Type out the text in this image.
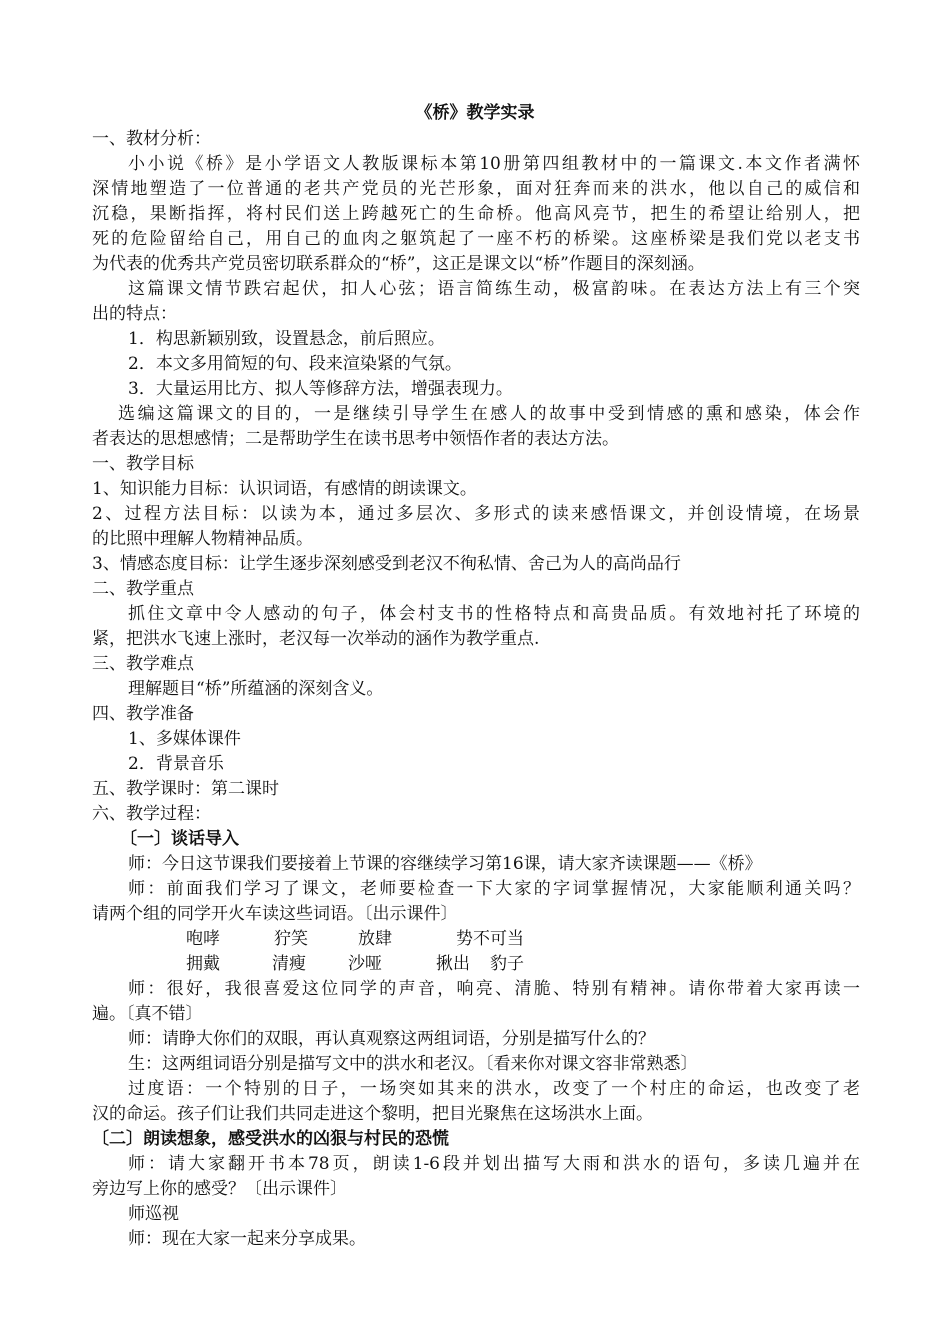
《桥》教学实录
一、教材分析：
小小说《桥》是小学语文人教版课标本第10册第四组教材中的一篇课文.本文作者满怀
深情地塑造了一位普通的老共产党员的光芒形象，面对狂奔而来的洪水，他以自己的威信和
沉稳，果断指挥，将村民们送上跨越死亡的生命桥。他高风亮节，把生的希望让给别人，把
死的危险留给自己，用自己的血肉之躯筑起了一座不朽的桥梁。这座桥梁是我们党以老支书
为代表的优秀共产党员密切联系群众的“桥”，这正是课文以“桥”作题目的深刻涵。
这篇课文情节跌宕起伏，扣人心弦；语言简练生动，极富韵味。在表达方法上有三个突
出的特点：
1．构思新颖别致，设置悬念，前后照应。
2．本文多用简短的句、段来渲染紧的气氛。
3．大量运用比方、拟人等修辞方法，增强表现力。
选编这篇课文的目的，一是继续引导学生在感人的故事中受到情感的熏和感染，体会作
者表达的思想感情；二是帮助学生在读书思考中领悟作者的表达方法。
一、教学目标
1、知识能力目标：认识词语，有感情的朗读课文。
2、过程方法目标：以读为本，通过多层次、多形式的读来感悟课文，并创设情境，在场景
的比照中理解人物精神品质。
3、情感态度目标：让学生逐步深刻感受到老汉不徇私情、舍己为人的高尚品行
二、教学重点
抓住文章中令人感动的句子，体会村支书的性格特点和高贵品质。有效地衬托了环境的
紧，把洪水飞速上涨时，老汉每一次举动的涵作为教学重点.
三、教学难点
理解题目“桥”所蕴涵的深刻含义。
四、教学准备
1、多媒体课件
2．背景音乐
五、教学课时：第二课时
六、教学过程：
〔一〕谈话导入
师：今日这节课我们要接着上节课的容继续学习第16课，请大家齐读课题——《桥》
师：前面我们学习了课文，老师要检查一下大家的字词掌握情况，大家能顺利通关吗？
请两个组的同学开火车读这些词语。〔出示课件〕
咆哮	狞笑	放肆	势不可当
拥戴	清瘦 沙哑	揪出 豹子
师：很好，我很喜爱这位同学的声音，响亮、清脆、特别有精神。请你带着大家再读一
遍。〔真不错〕
师：请睁大你们的双眼，再认真观察这两组词语，分别是描写什么的？
生：这两组词语分别是描写文中的洪水和老汉。〔看来你对课文容非常熟悉〕
过度语：一个特别的日子，一场突如其来的洪水，改变了一个村庄的命运，也改变了老
汉的命运。孩子们让我们共同走进这个黎明，把目光聚焦在这场洪水上面。
〔二〕朗读想象，感受洪水的凶狠与村民的恐慌
师：请大家翻开书本78页，朗读1-6段并划出描写大雨和洪水的语句，多读几遍并在
旁边写上你的感受？〔出示课件〕
师巡视
师：现在大家一起来分享成果。
